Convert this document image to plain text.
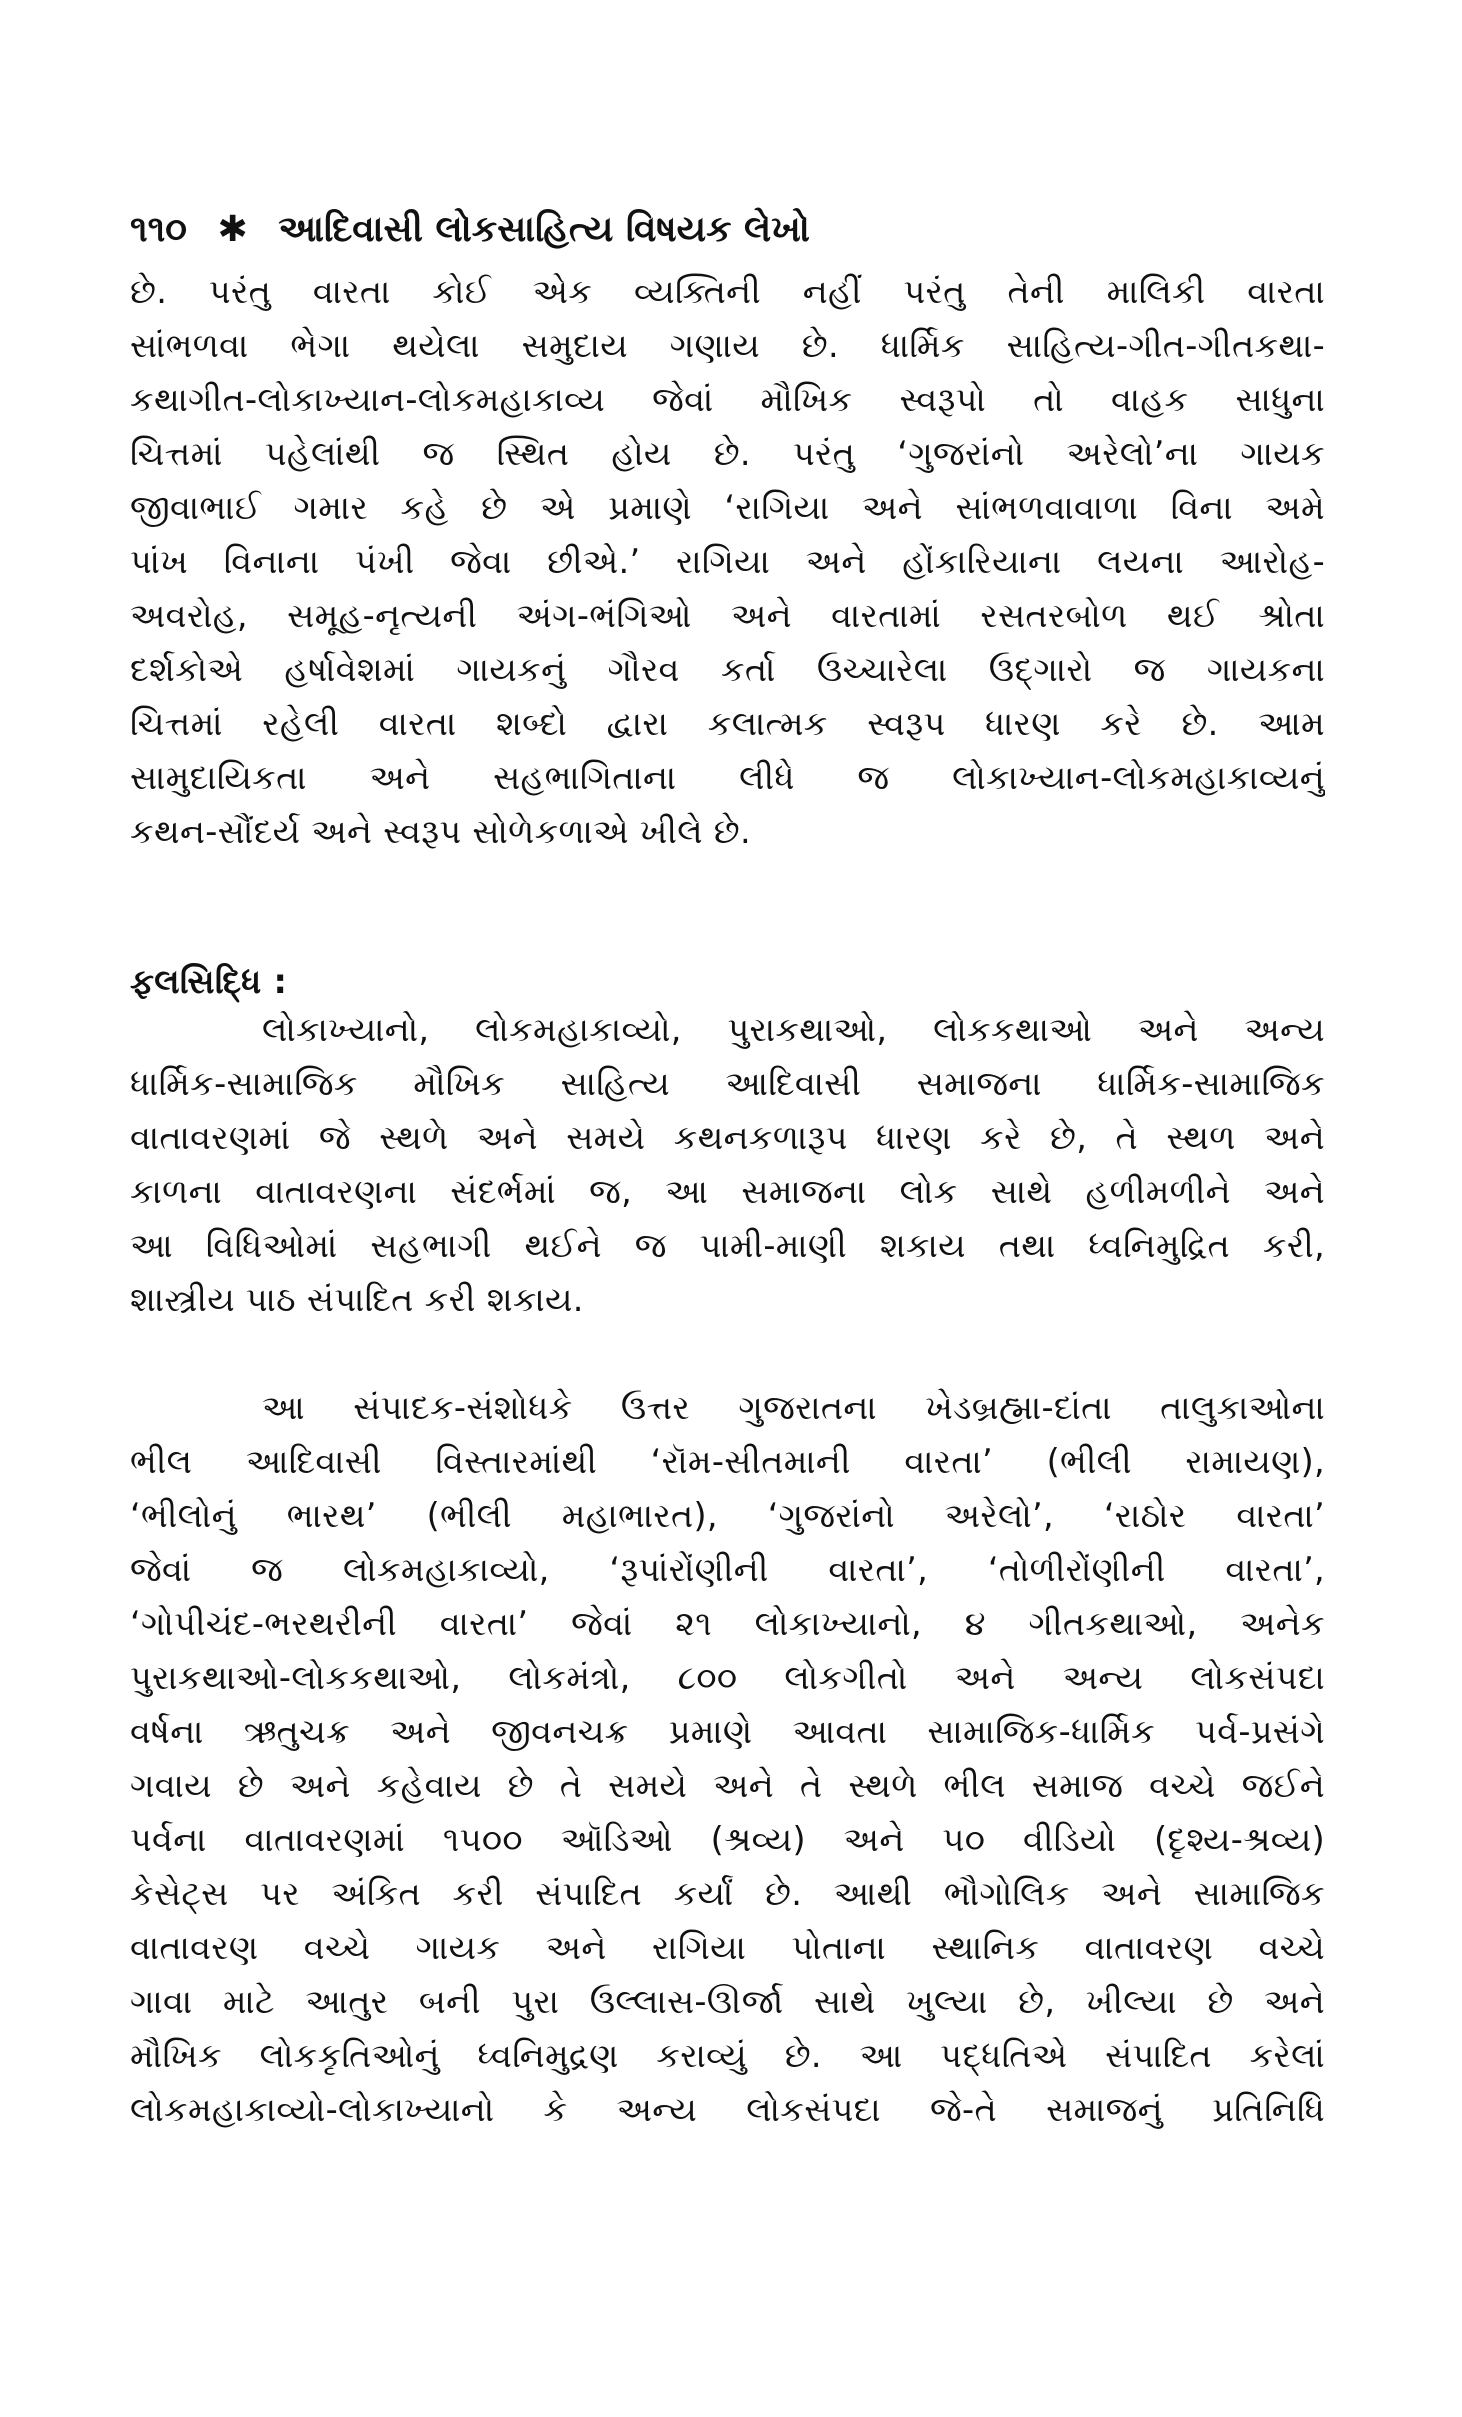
૧૧૦ ✱ આદિવાસી લોકસાહિત્ય વિષયક લેખો
છે. પરંતુ વારતા કોઈ એક વ્યક્તિની નહીં પરંતુ તેની માલિકી વારતા
સાંભળવા ભેગા થયેલા સમુદાય ગણાય છે. ધાર્મિક સાહિત્ય-ગીત-ગીતકથા-
કથાગીત-લોકાખ્યાન-લોકમહાકાવ્ય જેવાં મૌખિક સ્વરૂપો તો વાહક સાધુના
ચિત્તમાં પહેલાંથી જ સ્થિત હોય છે. પરંતુ ‘ગુજરાંનો અરેલો’ના ગાયક
જીવાભાઈ ગમાર કહે છે એ પ્રમાણે ‘રાગિયા અને સાંભળવાવાળા વિના અમે
પાંખ વિનાના પંખી જેવા છીએ.’ રાગિયા અને હોંકારિયાના લયના આરોહ-
અવરોહ, સમૂહ-નૃત્યની અંગ-ભંગિઓ અને વારતામાં રસતરબોળ થઈ શ્રોતા
દર્શકોએ હર્ષાવેશમાં ગાયકનું ગૌરવ કર્તા ઉચ્ચારેલા ઉદ્ગારો જ ગાયકના
ચિત્તમાં રહેલી વારતા શબ્દો દ્વારા કલાત્મક સ્વરૂપ ધારણ કરે છે. આમ
સામુદાયિકતા અને સહભાગિતાના લીધે જ લોકાખ્યાન-લોકમહાકાવ્યનું
કથન-સૌંદર્ય અને સ્વરૂપ સોળેકળાએ ખીલે છે.
ફલસિદ્ધિ :
લોકાખ્યાનો, લોકમહાકાવ્યો, પુરાકથાઓ, લોકકથાઓ અને અન્ય
ધાર્મિક-સામાજિક મૌખિક સાહિત્ય આદિવાસી સમાજના ધાર્મિક-સામાજિક
વાતાવરણમાં જે સ્થળે અને સમયે કથનકળારૂપ ધારણ કરે છે, તે સ્થળ અને
કાળના વાતાવરણના સંદર્ભમાં જ, આ સમાજના લોક સાથે હળીમળીને અને
આ વિધિઓમાં સહભાગી થઈને જ પામી-માણી શકાય તથા ધ્વનિમુદ્રિત કરી,
શાસ્ત્રીય પાઠ સંપાદિત કરી શકાય.
આ સંપાદક-સંશોધકે ઉત્તર ગુજરાતના ખેડબ્રહ્મા-દાંતા તાલુકાઓના
ભીલ આદિવાસી વિસ્તારમાંથી ‘રૉમ-સીતમાની વારતા’ (ભીલી રામાયણ),
‘ભીલોનું ભારથ’ (ભીલી મહાભારત), ‘ગુજરાંનો અરેલો’, ‘રાઠોર વારતા’
જેવાં જ લોકમહાકાવ્યો, ‘રૂપાંરોંણીની વારતા’, ‘તોળીરોંણીની વારતા’,
‘ગોપીચંદ-ભરથરીની વારતા’ જેવાં ૨૧ લોકાખ્યાનો, ૪ ગીતકથાઓ, અનેક
પુરાકથાઓ-લોકકથાઓ, લોકમંત્રો, ૮૦૦ લોકગીતો અને અન્ય લોકસંપદા
વર્ષના ઋતુચક્ર અને જીવનચક્ર પ્રમાણે આવતા સામાજિક-ધાર્મિક પર્વ-પ્રસંગે
ગવાય છે અને કહેવાય છે તે સમયે અને તે સ્થળે ભીલ સમાજ વચ્ચે જઈને
પર્વના વાતાવરણમાં ૧૫૦૦ ઑડિઓ (શ્રવ્ય) અને ૫૦ વીડિયો (દૃશ્ય-શ્રવ્ય)
કેસેટ્સ પર અંકિત કરી સંપાદિત કર્યાં છે. આથી ભૌગોલિક અને સામાજિક
વાતાવરણ વચ્ચે ગાયક અને રાગિયા પોતાના સ્થાનિક વાતાવરણ વચ્ચે
ગાવા માટે આતુર બની પુરા ઉલ્લાસ-ઊર્જા સાથે ખુલ્યા છે, ખીલ્યા છે અને
મૌખિક લોકકૃતિઓનું ધ્વનિમુદ્રણ કરાવ્યું છે. આ પદ્ધતિએ સંપાદિત કરેલાં
લોકમહાકાવ્યો-લોકાખ્યાનો કે અન્ય લોકસંપદા જે-તે સમાજનું પ્રતિનિધિ
